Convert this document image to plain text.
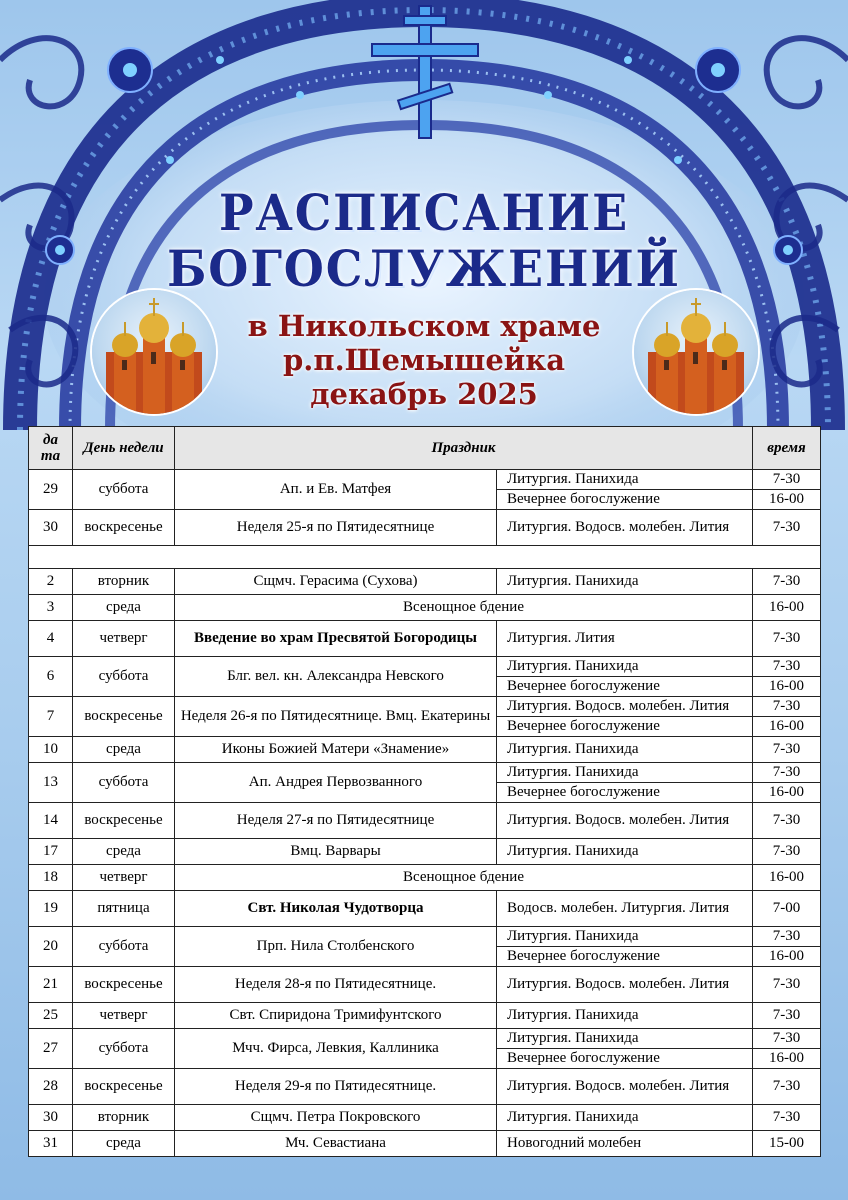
РАСПИСАНИЕ
БОГОСЛУЖЕНИЙ
в Никольском храме
р.п.Шемышейка
декабрь 2025
да та	День недели	Праздник		время
29	суббота	Ап. и Ев. Матфея	Литургия. Панихида	7-30
			Вечернее богослужение	16-00
30	воскресенье	Неделя 25-я по Пятидесятнице	Литургия. Водосв. молебен. Лития	7-30

2	вторник	Сщмч. Герасима (Сухова)	Литургия. Панихида	7-30
3	среда	Всенощное бдение		16-00
4	четверг	Введение во храм Пресвятой Богородицы	Литургия. Лития	7-30
6	суббота	Блг. вел. кн. Александра Невского	Литургия. Панихида	7-30
			Вечернее богослужение	16-00
7	воскресенье	Неделя 26-я по Пятидесятнице. Вмц. Екатерины	Литургия. Водосв. молебен. Лития	7-30
			Вечернее богослужение	16-00
10	среда	Иконы Божией Матери «Знамение»	Литургия. Панихида	7-30
13	суббота	Ап. Андрея Первозванного	Литургия. Панихида	7-30
			Вечернее богослужение	16-00
14	воскресенье	Неделя 27-я по Пятидесятнице	Литургия. Водосв. молебен. Лития	7-30
17	среда	Вмц. Варвары	Литургия. Панихида	7-30
18	четверг	Всенощное бдение		16-00
19	пятница	Свт. Николая Чудотворца	Водосв. молебен. Литургия. Лития	7-00
20	суббота	Прп. Нила Столбенского	Литургия. Панихида	7-30
			Вечернее богослужение	16-00
21	воскресенье	Неделя 28-я по Пятидесятнице.	Литургия. Водосв. молебен. Лития	7-30
25	четверг	Свт. Спиридона Тримифунтского	Литургия. Панихида	7-30
27	суббота	Мчч. Фирса, Левкия, Каллиника	Литургия. Панихида	7-30
			Вечернее богослужение	16-00
28	воскресенье	Неделя 29-я по Пятидесятнице.	Литургия. Водосв. молебен. Лития	7-30
30	вторник	Сщмч. Петра Покровского	Литургия. Панихида	7-30
31	среда	Мч. Севастиана	Новогодний молебен	15-00
